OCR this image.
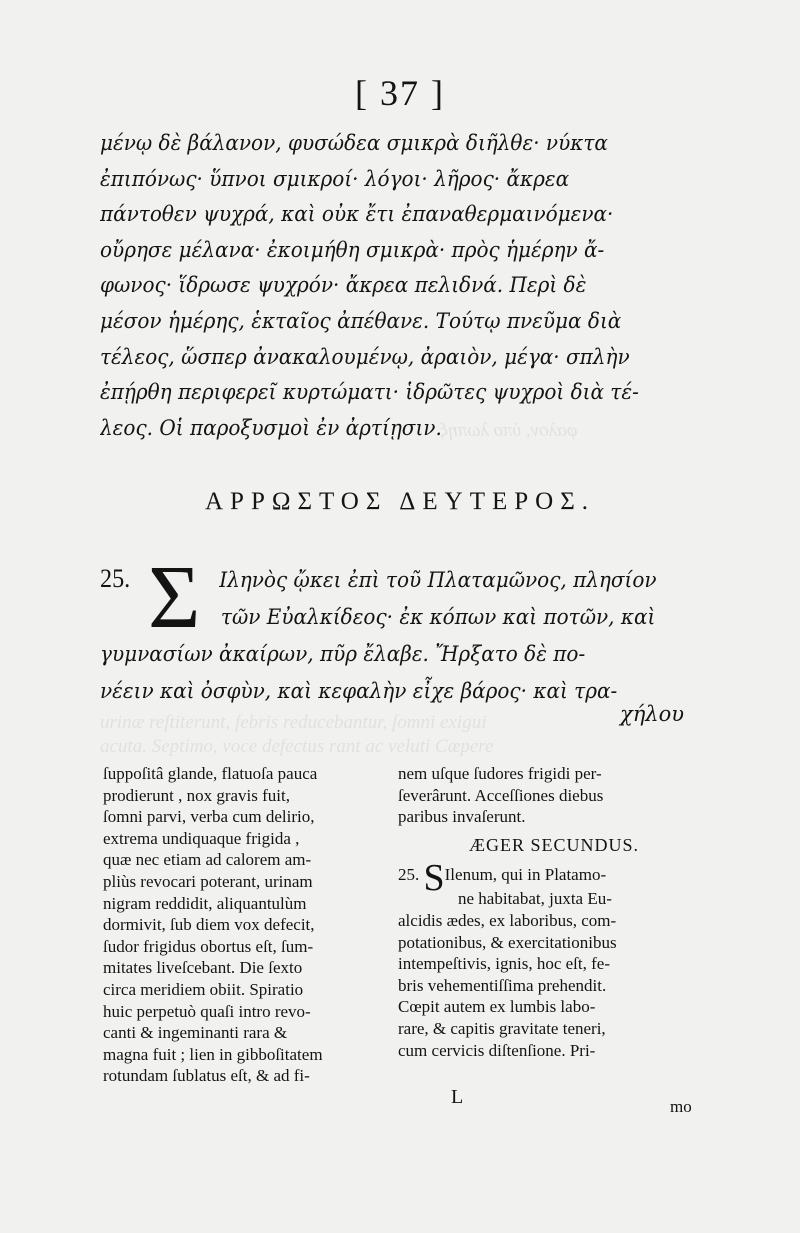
φαλον, ὑπο λωπηξ
urinæ reſtiterunt, febris reducebantur, ſomni exigui
acuta. Septimo, voce defectus rant ac veluti Cœpere
[ 37 ]
μένῳ δὲ βάλανον, φυσώδεα σμικρὰ διῆλθε· νύκτα
ἐπιπόνως· ὕπνοι σμικροί· λόγοι· λῆρος· ἄκρεα
πάντοθεν ψυχρά, καὶ οὐκ ἔτι ἐπαναθερμαινόμενα·
οὔρησε μέλανα· ἐκοιμήθη σμικρὰ· πρὸς ἡμέρην ἄ-
φωνος· ἵδρωσε ψυχρόν· ἄκρεα πελιδνά. Περὶ δὲ
μέσον ἡμέρης, ἑκταῖος ἀπέθανε. Τούτῳ πνεῦμα διὰ
τέλεος, ὥσπερ ἀνακαλουμένῳ, ἀραιὸν, μέγα· σπλὴν
ἐπῄρθη περιφερεῖ κυρτώματι· ἱδρῶτες ψυχροὶ διὰ τέ-
λεος. Οἱ παροξυσμοὶ ἐν ἀρτίῃσιν.
ΑΡΡΩΣΤΟΣ ΔΕΥΤΕΡΟΣ.
Σ
25.	Ιληνὸς ᾤκει ἐπὶ τοῦ Πλαταμῶνος, πλησίον
τῶν Εὐαλκίδεος· ἐκ κόπων καὶ ποτῶν, καὶ
γυμνασίων ἀκαίρων, πῦρ ἔλαβε. Ἤρξατο δὲ πο-
νέειν καὶ ὀσφὺν, καὶ κεφαλὴν εἶχε βάρος· καὶ τρα-
χήλου
ſuppoſitâ glande, flatuoſa pauca
prodierunt , nox gravis fuit,
ſomni parvi, verba cum delirio,
extrema undiquaque frigida ,
quæ nec etiam ad calorem am-
pliùs revocari poterant, urinam
nigram reddidit, aliquantulùm
dormivit, ſub diem vox defecit,
ſudor frigidus obortus eſt, ſum-
mitates liveſcebant. Die ſexto
circa meridiem obiit. Spiratio
huic perpetuò quaſi intro revo-
canti & ingeminanti rara &
magna fuit ; lien in gibboſitatem
rotundam ſublatus eſt, & ad fi-
nem uſque ſudores frigidi per-
ſeverârunt. Acceſſiones diebus
paribus invaſerunt.
ÆGER SECUNDUS.
25. SIlenum, qui in Platamo-
ne habitabat, juxta Eu-
alcidis ædes, ex laboribus, com-
potationibus, & exercitationibus
intempeſtivis, ignis, hoc eſt, fe-
bris vehementiſſima prehendit.
Cœpit autem ex lumbis labo-
rare, & capitis gravitate teneri,
cum cervicis diſtenſione. Pri-
L	mo
